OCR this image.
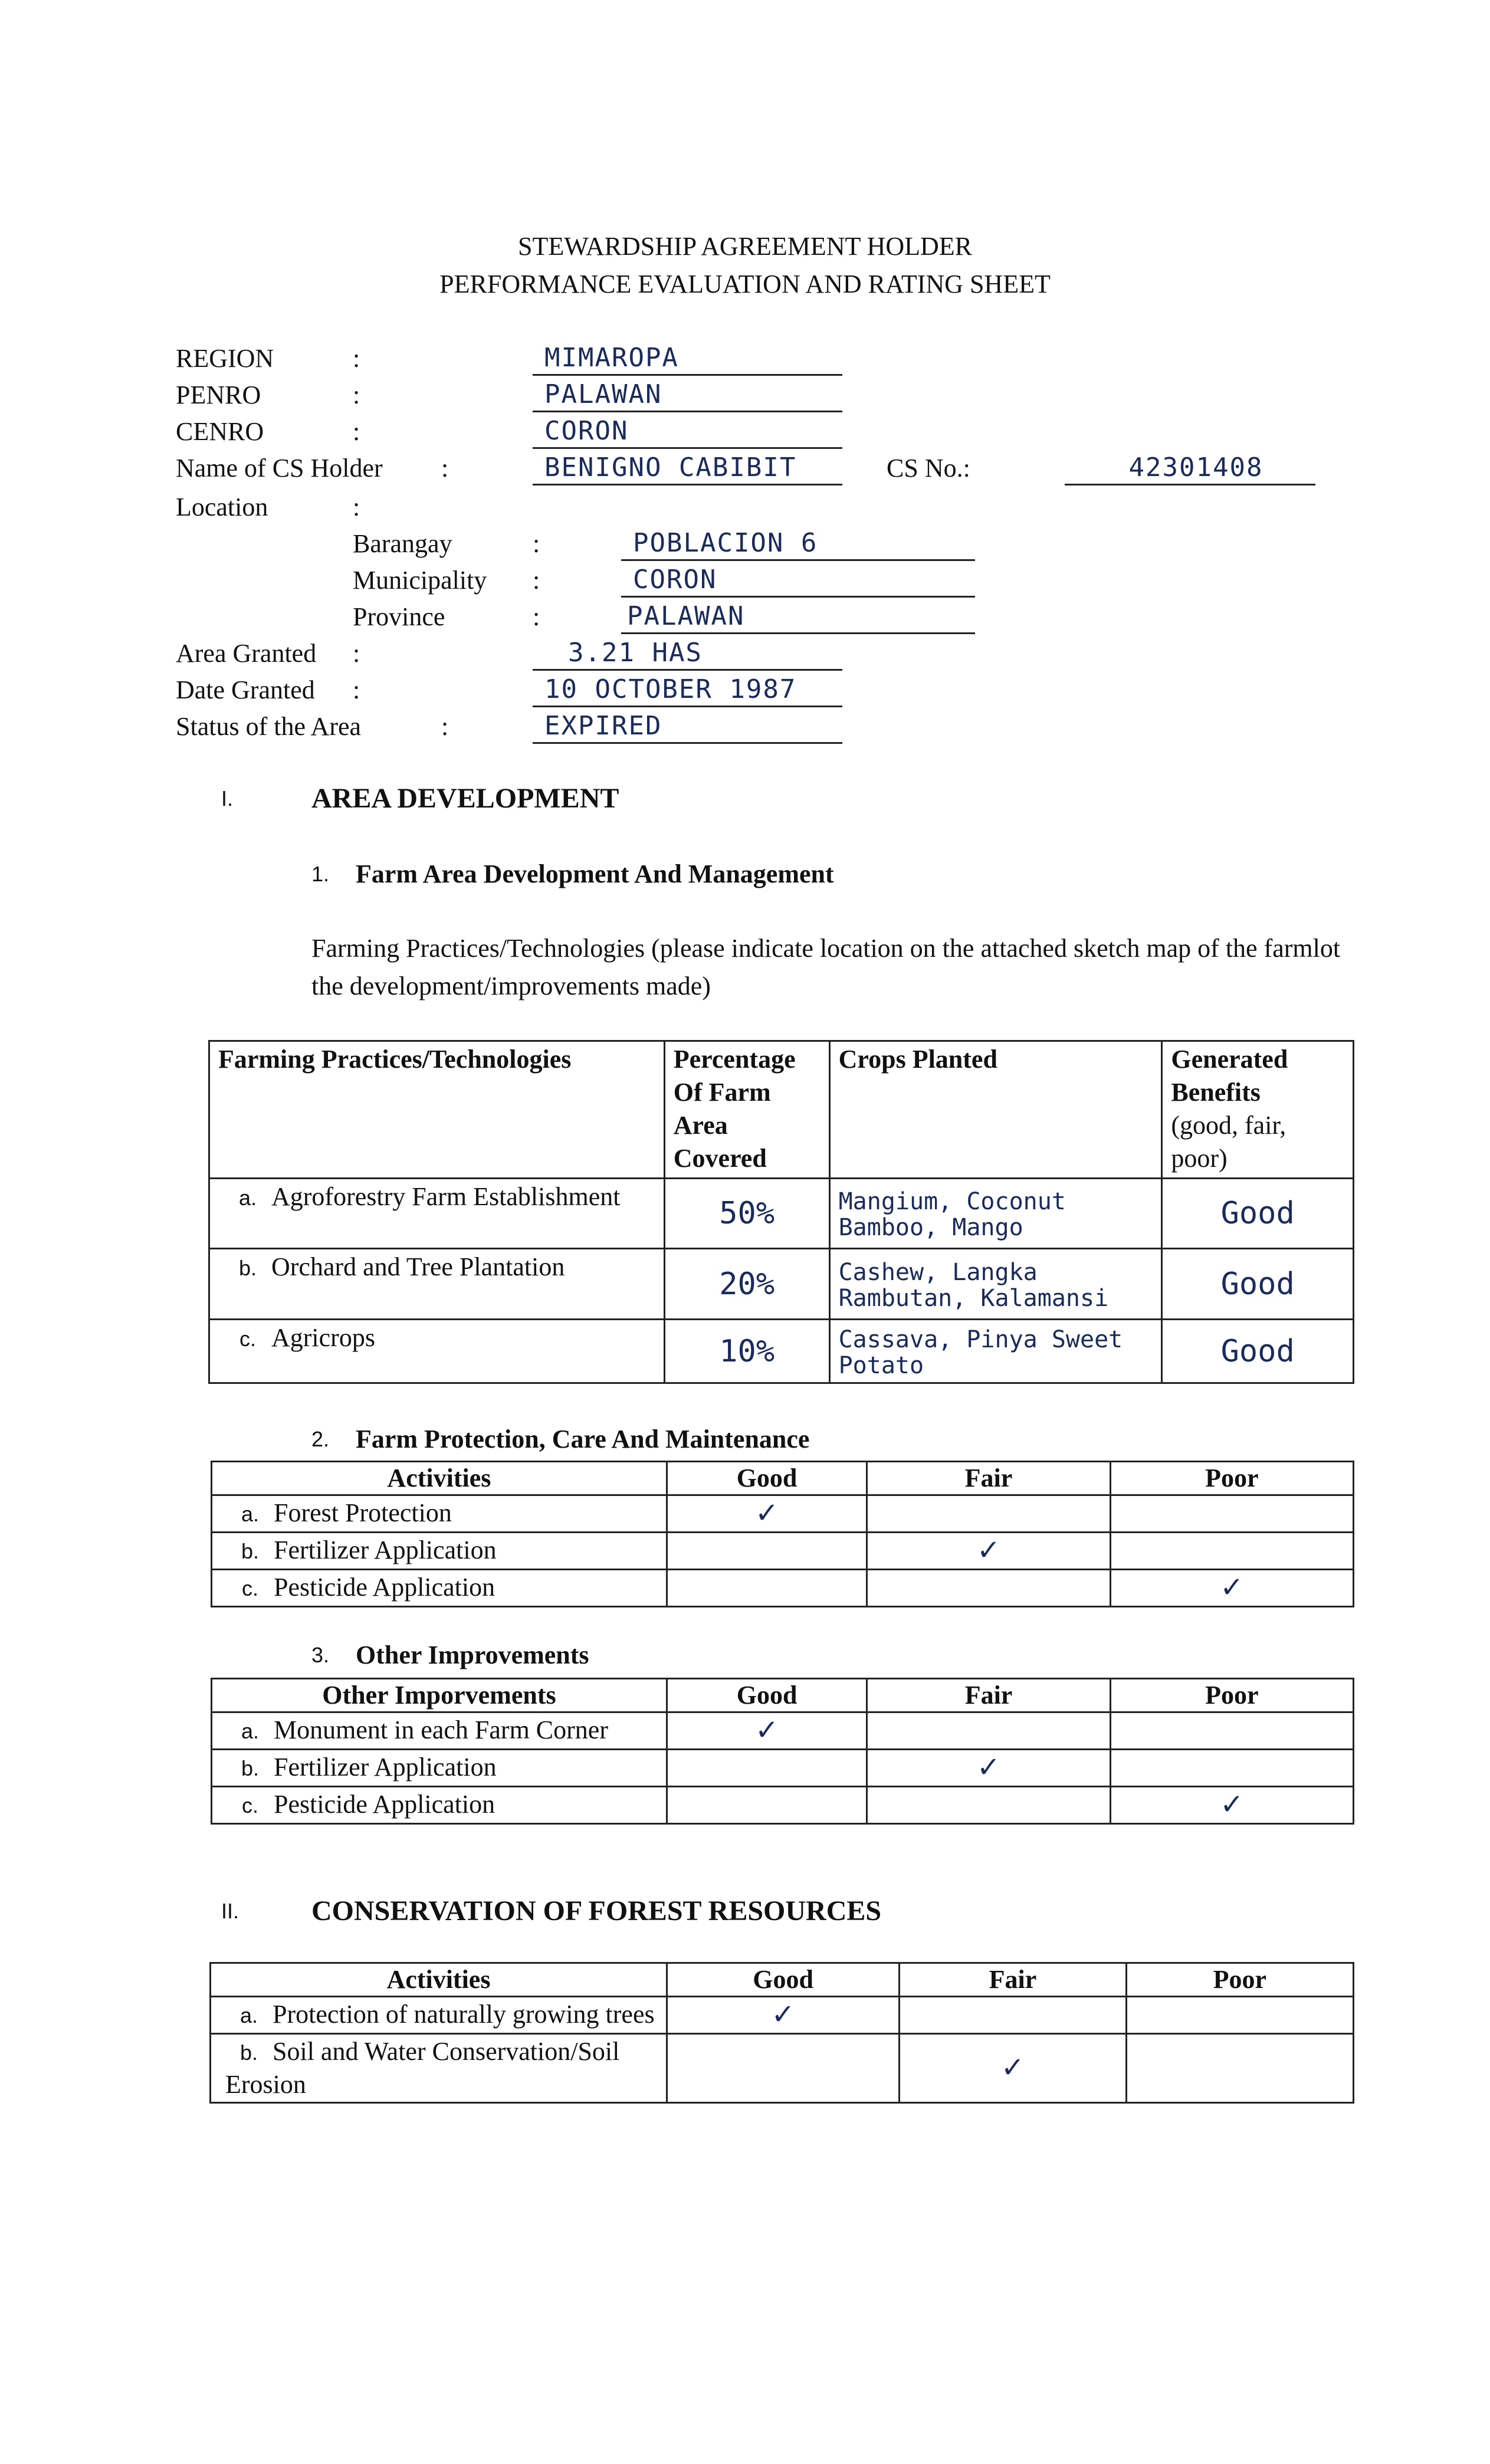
STEWARDSHIP AGREEMENT HOLDER
PERFORMANCE EVALUATION AND RATING SHEET
REGION	:	MIMAROPA
PENRO	:	PALAWAN
CENRO	:	CORON
Name of CS Holder :	BENIGNO CABIBIT	CS No.:	42301408
Location	:
Barangay	:	POBLACION 6
Municipality :	CORON
Province	:	PALAWAN
Area Granted :	3.21 HAS
Date Granted :	10 OCTOBER 1987
Status of the Area	:	EXPIRED
I.	AREA DEVELOPMENT
1. Farm Area Development And Management
Farming Practices/Technologies (please indicate location on the attached sketch map of the farmlot the development/improvements made)
Farming Practices/Technologies	Percentage Of Farm Area Covered	Crops Planted	Generated Benefits
(good, fair, poor)

a. Agroforestry Farm Establishment	50%	Mangium, Coconut Bamboo, Mango	Good
b. Orchard and Tree Plantation	20%	Cashew, Langka Rambutan, Kalamansi	Good
c. Agricrops	10%	Cassava, Pinya Sweet Potato	Good
2. Farm Protection, Care And Maintenance
Activities	Good	Fair	Poor
a. Forest Protection	✓		
b. Fertilizer Application		✓	
c. Pesticide Application			✓
3. Other Improvements
Other Imporvements	Good	Fair	Poor
a. Monument in each Farm Corner	✓		
b. Fertilizer Application		✓	
c. Pesticide Application			✓
II.	CONSERVATION OF FOREST RESOURCES
Activities	Good	Fair	Poor
a. Protection of naturally growing trees	✓		
b. Soil and Water Conservation/Soil Erosion		✓	
